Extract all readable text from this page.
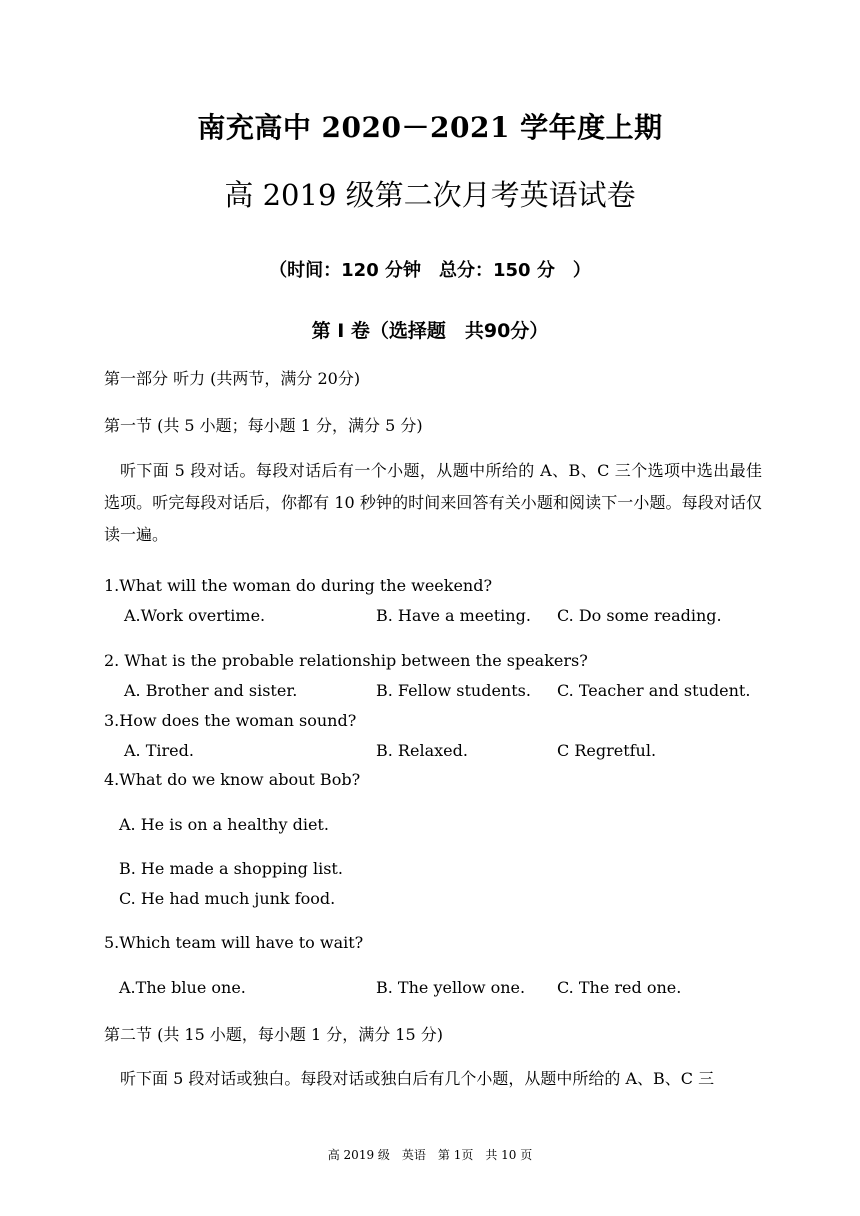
南充高中 2020－2021 学年度上期
高 2019 级第二次月考英语试卷
（时间：120 分钟　总分：150 分　）
第 I 卷（选择题　共90分）
第一部分 听力 (共两节，满分 20分)
第一节 (共 5 小题；每小题 1 分，满分 5 分)
听下面 5 段对话。每段对话后有一个小题，从题中所给的 A、B、C 三个选项中选出最佳选项。听完每段对话后，你都有 10 秒钟的时间来回答有关小题和阅读下一小题。每段对话仅读一遍。
1.What will the woman do during the weekend?
A.Work overtime.	B. Have a meeting. C. Do some reading.
2. What is the probable relationship between the speakers?
A. Brother and sister.	B. Fellow students. C. Teacher and student.
3.How does the woman sound?
A. Tired.	B. Relaxed.	C Regretful.
4.What do we know about Bob?
A. He is on a healthy diet.
B. He made a shopping list.
C. He had much junk food.
5.Which team will have to wait?
A.The blue one.	B. The yellow one. C. The red one.
第二节 (共 15 小题，每小题 1 分，满分 15 分)
听下面 5 段对话或独白。每段对话或独白后有几个小题，从题中所给的 A、B、C 三
高 2019 级　英语　第 1页　共 10 页
